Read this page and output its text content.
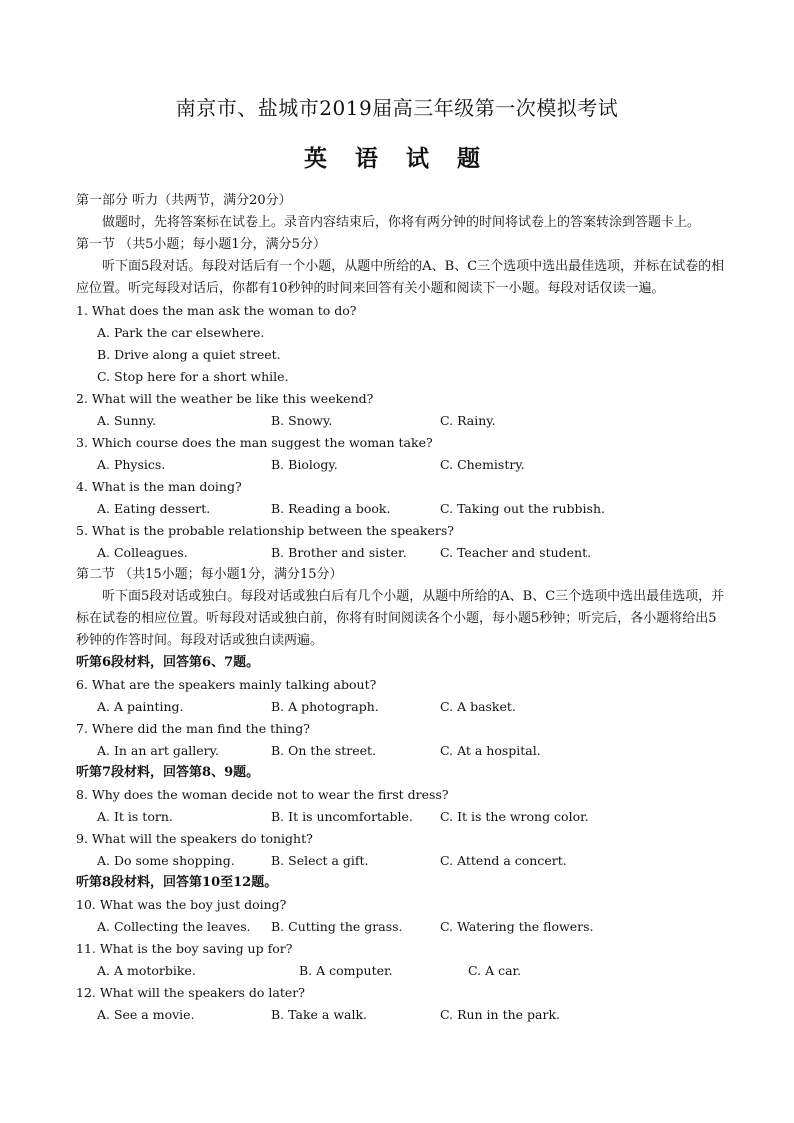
南京市、盐城市2019届高三年级第一次模拟考试
英 语 试 题
第一部分 听力（共两节，满分20分）
做题时，先将答案标在试卷上。录音内容结束后，你将有两分钟的时间将试卷上的答案转涂到答题卡上。
第一节 （共5小题；每小题1分，满分5分）
听下面5段对话。每段对话后有一个小题，从题中所给的A、B、C三个选项中选出最佳选项，并标在试卷的相应位置。听完每段对话后，你都有10秒钟的时间来回答有关小题和阅读下一小题。每段对话仅读一遍。
1. What does the man ask the woman to do?
A. Park the car elsewhere.
B. Drive along a quiet street.
C. Stop here for a short while.
2. What will the weather be like this weekend?
A. Sunny.	B. Snowy.	C. Rainy.
3. Which course does the man suggest the woman take?
A. Physics.	B. Biology.	C. Chemistry.
4. What is the man doing?
A. Eating dessert.	B. Reading a book.	C. Taking out the rubbish.
5. What is the probable relationship between the speakers?
A. Colleagues.	B. Brother and sister.	C. Teacher and student.
第二节 （共15小题；每小题1分，满分15分）
听下面5段对话或独白。每段对话或独白后有几个小题，从题中所给的A、B、C三个选项中选出最佳选项，并标在试卷的相应位置。听每段对话或独白前，你将有时间阅读各个小题，每小题5秒钟；听完后，各小题将给出5秒钟的作答时间。每段对话或独白读两遍。
听第6段材料，回答第6、7题。
6. What are the speakers mainly talking about?
A. A painting.	B. A photograph.	C. A basket.
7. Where did the man find the thing?
A. In an art gallery.	B. On the street.	C. At a hospital.
听第7段材料，回答第8、9题。
8. Why does the woman decide not to wear the first dress?
A. It is torn.	B. It is uncomfortable. C. It is the wrong color.
9. What will the speakers do tonight?
A. Do some shopping.	B. Select a gift.	C. Attend a concert.
听第8段材料，回答第10至12题。
10. What was the boy just doing?
A. Collecting the leaves. B. Cutting the grass.	C. Watering the flowers.
11. What is the boy saving up for?
A. A motorbike.	B. A computer.	C. A car.
12. What will the speakers do later?
A. See a movie.	B. Take a walk.	C. Run in the park.
